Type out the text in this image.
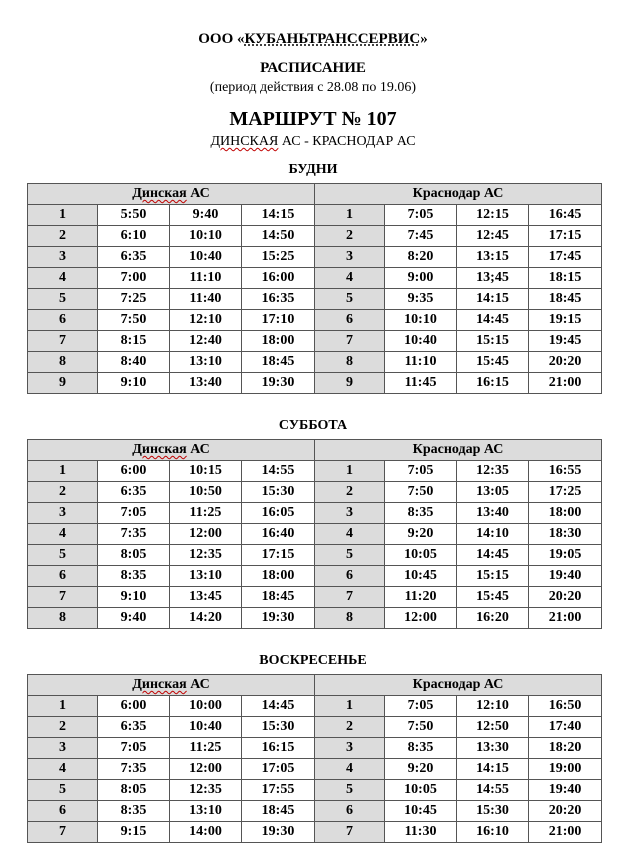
ООО «КУБАНЬТРАНССЕРВИС»
РАСПИСАНИЕ
(период действия с 28.08 по 19.06)
МАРШРУТ № 107
ДИНСКАЯ АС - КРАСНОДАР АС
БУДНИ
Динская АС				Краснодар АС			
1	5:50	9:40	14:15	1	7:05	12:15	16:45
2	6:10	10:10	14:50	2	7:45	12:45	17:15
3	6:35	10:40	15:25	3	8:20	13:15	17:45
4	7:00	11:10	16:00	4	9:00	13;45	18:15
5	7:25	11:40	16:35	5	9:35	14:15	18:45
6	7:50	12:10	17:10	6	10:10	14:45	19:15
7	8:15	12:40	18:00	7	10:40	15:15	19:45
8	8:40	13:10	18:45	8	11:10	15:45	20:20
9	9:10	13:40	19:30	9	11:45	16:15	21:00
СУББОТА
Динская АС				Краснодар АС			
1	6:00	10:15	14:55	1	7:05	12:35	16:55
2	6:35	10:50	15:30	2	7:50	13:05	17:25
3	7:05	11:25	16:05	3	8:35	13:40	18:00
4	7:35	12:00	16:40	4	9:20	14:10	18:30
5	8:05	12:35	17:15	5	10:05	14:45	19:05
6	8:35	13:10	18:00	6	10:45	15:15	19:40
7	9:10	13:45	18:45	7	11:20	15:45	20:20
8	9:40	14:20	19:30	8	12:00	16:20	21:00
ВОСКРЕСЕНЬЕ
Динская АС				Краснодар АС			
1	6:00	10:00	14:45	1	7:05	12:10	16:50
2	6:35	10:40	15:30	2	7:50	12:50	17:40
3	7:05	11:25	16:15	3	8:35	13:30	18:20
4	7:35	12:00	17:05	4	9:20	14:15	19:00
5	8:05	12:35	17:55	5	10:05	14:55	19:40
6	8:35	13:10	18:45	6	10:45	15:30	20:20
7	9:15	14:00	19:30	7	11:30	16:10	21:00
